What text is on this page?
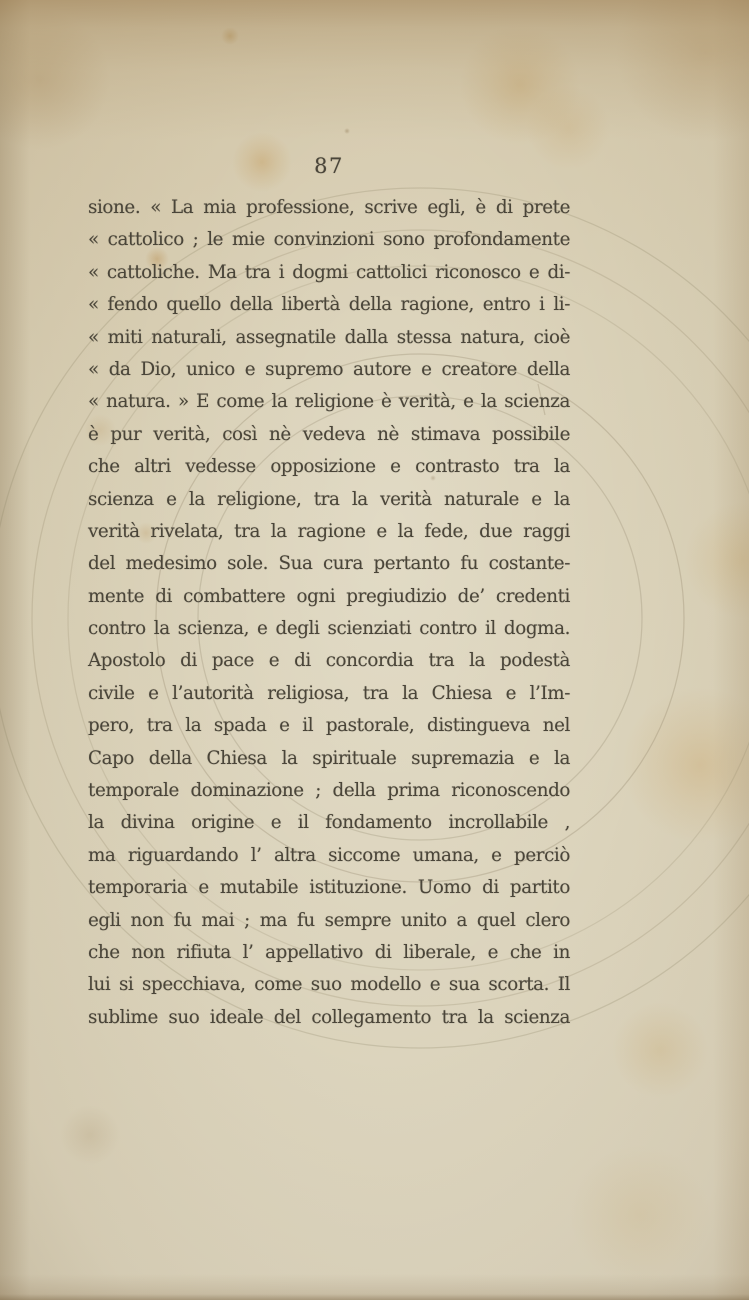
87
sione. « La mia professione, scrive egli, è di prete
« cattolico ; le mie convinzioni sono profondamente
« cattoliche. Ma tra i dogmi cattolici riconosco e di-
« fendo quello della libertà della ragione, entro i li-
« miti naturali, assegnatile dalla stessa natura, cioè
« da Dio, unico e supremo autore e creatore della
« natura. » E come la religione è verità, e la scienza
è pur verità, così nè vedeva nè stimava possibile
che altri vedesse opposizione e contrasto tra la
scienza e la religione, tra la verità naturale e la
verità rivelata, tra la ragione e la fede, due raggi
del medesimo sole. Sua cura pertanto fu costante-
mente di combattere ogni pregiudizio de’ credenti
contro la scienza, e degli scienziati contro il dogma.
Apostolo di pace e di concordia tra la podestà
civile e l’autorità religiosa, tra la Chiesa e l’Im-
pero, tra la spada e il pastorale, distingueva nel
Capo della Chiesa la spirituale supremazia e la
temporale dominazione ; della prima riconoscendo
la divina origine e il fondamento incrollabile ,
ma riguardando l’ altra siccome umana, e perciò
temporaria e mutabile istituzione. Uomo di partito
egli non fu mai ; ma fu sempre unito a quel clero
che non rifiuta l’ appellativo di liberale, e che in
lui si specchiava, come suo modello e sua scorta. Il
sublime suo ideale del collegamento tra la scienza
